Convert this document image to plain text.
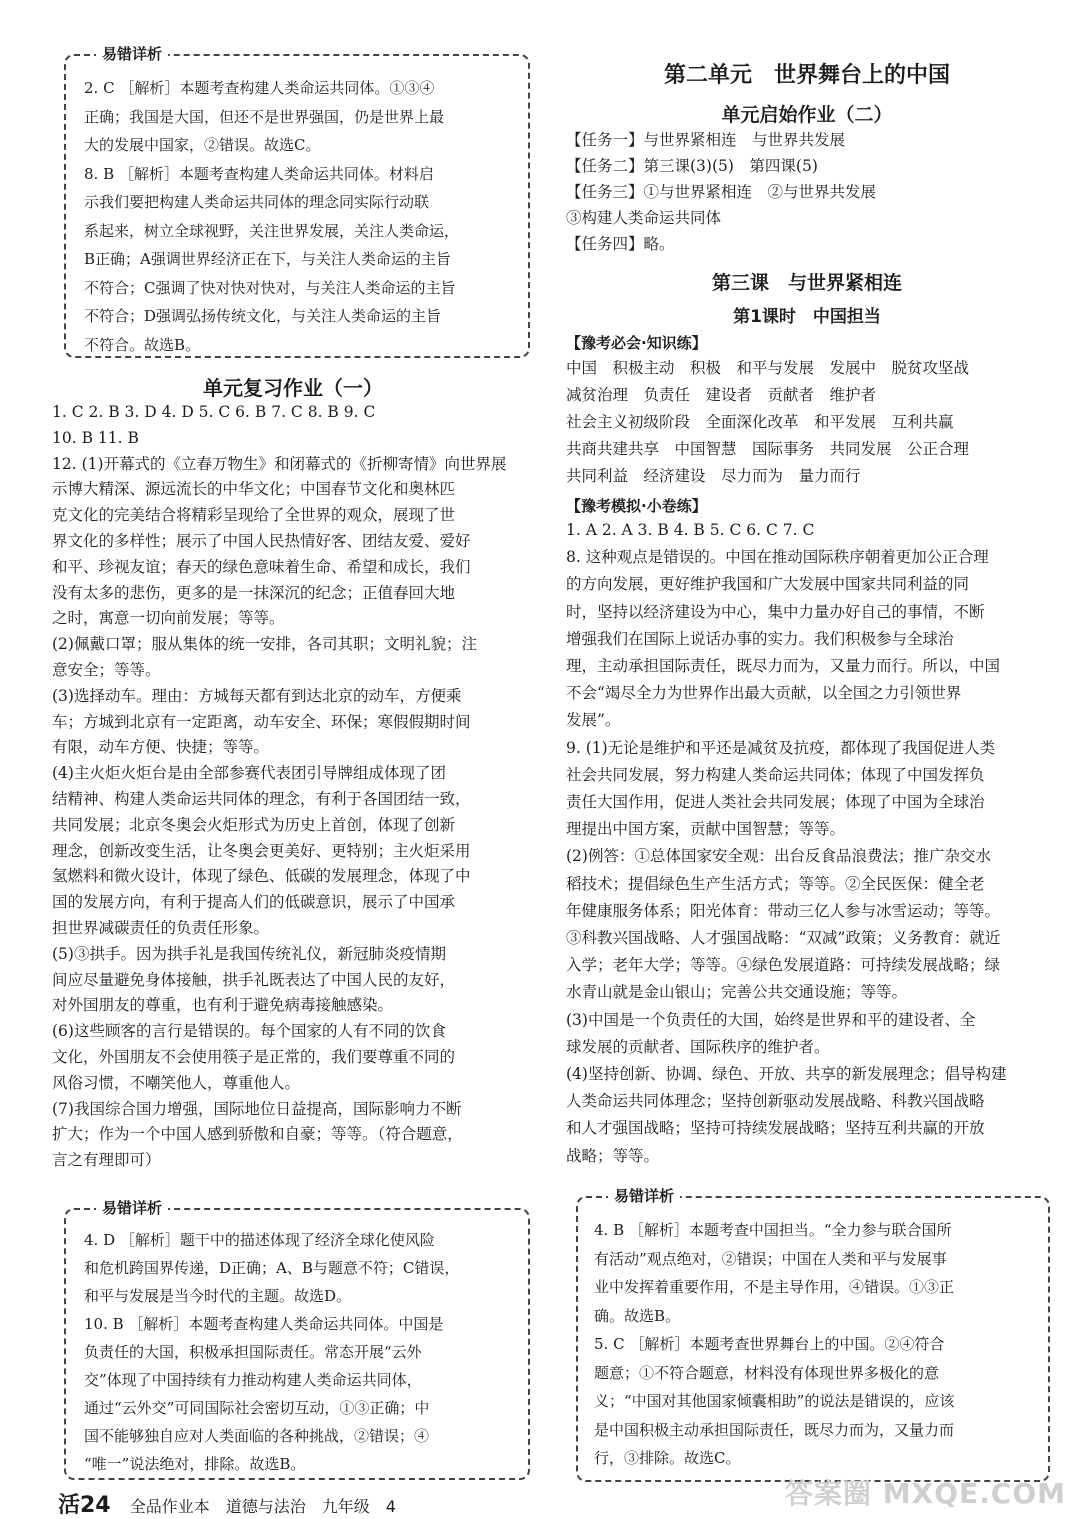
易错详析
2. C ［解析］本题考查构建人类命运共同体。①③④
正确；我国是大国，但还不是世界强国，仍是世界上最
大的发展中国家，②错误。故选C。
8. B ［解析］本题考查构建人类命运共同体。材料启
示我们要把构建人类命运共同体的理念同实际行动联
系起来，树立全球视野，关注世界发展，关注人类命运，
B正确；A强调世界经济正在下，与关注人类命运的主旨
不符合；C强调了快对快对快对，与关注人类命运的主旨
不符合；D强调弘扬传统文化，与关注人类命运的主旨
不符合。故选B。
单元复习作业（一）
1. C 2. B 3. D 4. D 5. C 6. B 7. C 8. B 9. C
10. B 11. B
12. (1)开幕式的《立春万物生》和闭幕式的《折柳寄情》向世界展
示博大精深、源远流长的中华文化；中国春节文化和奥林匹
克文化的完美结合将精彩呈现给了全世界的观众，展现了世
界文化的多样性；展示了中国人民热情好客、团结友爱、爱好
和平、珍视友谊；春天的绿色意味着生命、希望和成长，我们
没有太多的悲伤，更多的是一抹深沉的纪念；正值春回大地
之时，寓意一切向前发展；等等。
(2)佩戴口罩；服从集体的统一安排，各司其职；文明礼貌；注
意安全；等等。
(3)选择动车。理由：方城每天都有到达北京的动车，方便乘
车；方城到北京有一定距离，动车安全、环保；寒假假期时间
有限，动车方便、快捷；等等。
(4)主火炬火炬台是由全部参赛代表团引导牌组成体现了团
结精神、构建人类命运共同体的理念，有利于各国团结一致，
共同发展；北京冬奥会火炬形式为历史上首创，体现了创新
理念，创新改变生活，让冬奥会更美好、更特别；主火炬采用
氢燃料和微火设计，体现了绿色、低碳的发展理念，体现了中
国的发展方向，有利于提高人们的低碳意识，展示了中国承
担世界减碳责任的负责任形象。
(5)③拱手。因为拱手礼是我国传统礼仪，新冠肺炎疫情期
间应尽量避免身体接触，拱手礼既表达了中国人民的友好，
对外国朋友的尊重，也有利于避免病毒接触感染。
(6)这些顾客的言行是错误的。每个国家的人有不同的饮食
文化，外国朋友不会使用筷子是正常的，我们要尊重不同的
风俗习惯，不嘲笑他人，尊重他人。
(7)我国综合国力增强，国际地位日益提高，国际影响力不断
扩大；作为一个中国人感到骄傲和自豪；等等。（符合题意，
言之有理即可）
易错详析
4. D ［解析］题干中的描述体现了经济全球化使风险
和危机跨国界传递，D正确；A、B与题意不符；C错误，
和平与发展是当今时代的主题。故选D。
10. B ［解析］本题考查构建人类命运共同体。中国是
负责任的大国，积极承担国际责任。常态开展“云外
交”体现了中国持续有力推动构建人类命运共同体，
通过“云外交”可同国际社会密切互动，①③正确；中
国不能够独自应对人类面临的各种挑战，②错误；④
“唯一”说法绝对，排除。故选B。
第二单元　世界舞台上的中国
单元启始作业（二）
【任务一】与世界紧相连　与世界共发展
【任务二】第三课(3)(5)　第四课(5)
【任务三】①与世界紧相连　②与世界共发展
③构建人类命运共同体
【任务四】略。
第三课　与世界紧相连
第1课时　中国担当
【豫考必会·知识练】
中国　积极主动　积极　和平与发展　发展中　脱贫攻坚战
减贫治理　负责任　建设者　贡献者　维护者
社会主义初级阶段　全面深化改革　和平发展　互利共赢
共商共建共享　中国智慧　国际事务　共同发展　公正合理
共同利益　经济建设　尽力而为　量力而行
【豫考模拟·小卷练】
1. A 2. A 3. B 4. B 5. C 6. C 7. C
8. 这种观点是错误的。中国在推动国际秩序朝着更加公正合理
的方向发展，更好维护我国和广大发展中国家共同利益的同
时，坚持以经济建设为中心，集中力量办好自己的事情，不断
增强我们在国际上说话办事的实力。我们积极参与全球治
理，主动承担国际责任，既尽力而为，又量力而行。所以，中国
不会“竭尽全力为世界作出最大贡献，以全国之力引领世界
发展”。
9. (1)无论是维护和平还是减贫及抗疫，都体现了我国促进人类
社会共同发展，努力构建人类命运共同体；体现了中国发挥负
责任大国作用，促进人类社会共同发展；体现了中国为全球治
理提出中国方案，贡献中国智慧；等等。
(2)例答：①总体国家安全观：出台反食品浪费法；推广杂交水
稻技术；提倡绿色生产生活方式；等等。②全民医保：健全老
年健康服务体系；阳光体育：带动三亿人参与冰雪运动；等等。
③科教兴国战略、人才强国战略：“双减”政策；义务教育：就近
入学；老年大学；等等。④绿色发展道路：可持续发展战略；绿
水青山就是金山银山；完善公共交通设施；等等。
(3)中国是一个负责任的大国，始终是世界和平的建设者、全
球发展的贡献者、国际秩序的维护者。
(4)坚持创新、协调、绿色、开放、共享的新发展理念；倡导构建
人类命运共同体理念；坚持创新驱动发展战略、科教兴国战略
和人才强国战略；坚持可持续发展战略；坚持互利共赢的开放
战略；等等。
易错详析
4. B ［解析］本题考查中国担当。“全力参与联合国所
有活动”观点绝对，②错误；中国在人类和平与发展事
业中发挥着重要作用，不是主导作用，④错误。①③正
确。故选B。
5. C ［解析］本题考查世界舞台上的中国。②④符合
题意；①不符合题意，材料没有体现世界多极化的意
义；“中国对其他国家倾囊相助”的说法是错误的，应该
是中国积极主动承担国际责任，既尽力而为，又量力而
行，③排除。故选C。
活24 全品作业本　道德与法治　九年级　4	答案圈 MXQE.COM
